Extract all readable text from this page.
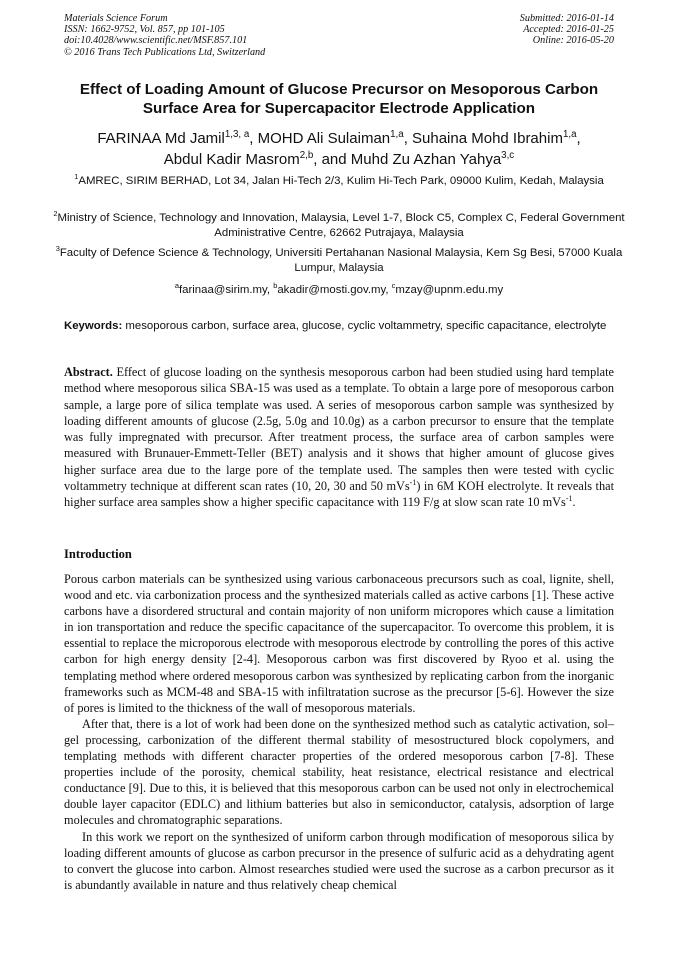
Materials Science Forum
ISSN: 1662-9752, Vol. 857, pp 101-105
doi:10.4028/www.scientific.net/MSF.857.101
© 2016 Trans Tech Publications Ltd, Switzerland
Submitted: 2016-01-14
Accepted: 2016-01-25
Online: 2016-05-20
Effect of Loading Amount of Glucose Precursor on Mesoporous Carbon
Surface Area for Supercapacitor Electrode Application
FARINAA Md Jamil$^{1,3, a}$, MOHD Ali Sulaiman$^{1,a}$, Suhaina Mohd Ibrahim$^{1,a}$,
Abdul Kadir Masrom$^{2,b}$, and Muhd Zu Azhan Yahya$^{3,c}$
$^1$AMREC, SIRIM BERHAD, Lot 34, Jalan Hi-Tech 2/3, Kulim Hi-Tech Park, 09000 Kulim, Kedah, Malaysia
$^2$Ministry of Science, Technology and Innovation, Malaysia, Level 1-7, Block C5, Complex C, Federal Government Administrative Centre, 62662 Putrajaya, Malaysia
$^3$Faculty of Defence Science & Technology, Universiti Pertahanan Nasional Malaysia, Kem Sg Besi, 57000 Kuala Lumpur, Malaysia
$^a$farinaa@sirim.my, $^b$akadir@mosti.gov.my, $^c$mzay@upnm.edu.my
Keywords: mesoporous carbon, surface area, glucose, cyclic voltammetry, specific capacitance, electrolyte
Abstract. Effect of glucose loading on the synthesis mesoporous carbon had been studied using hard template method where mesoporous silica SBA-15 was used as a template. To obtain a large pore of mesoporous carbon sample, a large pore of silica template was used. A series of mesoporous carbon sample was synthesized by loading different amounts of glucose (2.5g, 5.0g and 10.0g) as a carbon precursor to ensure that the template was fully impregnated with precursor. After treatment process, the surface area of carbon samples were measured with Brunauer-Emmett-Teller (BET) analysis and it shows that higher amount of glucose gives higher surface area due to the large pore of the template used. The samples then were tested with cyclic voltammetry technique at different scan rates (10, 20, 30 and 50 mVs$^{-1}$) in 6M KOH electrolyte. It reveals that higher surface area samples show a higher specific capacitance with 119 F/g at slow scan rate 10 mVs$^{-1}$.
Introduction

Porous carbon materials can be synthesized using various carbonaceous precursors such as coal, lignite, shell, wood and etc. via carbonization process and the synthesized materials called as active carbons [1]. These active carbons have a disordered structural and contain majority of non uniform micropores which cause a limitation in ion transportation and reduce the specific capacitance of the supercapacitor. To overcome this problem, it is essential to replace the microporous electrode with mesoporous electrode by controlling the pores of this active carbon for high energy density [2-4]. Mesoporous carbon was first discovered by Ryoo et al. using the templating method where ordered mesoporous carbon was synthesized by replicating carbon from the inorganic frameworks such as MCM-48 and SBA-15 with infiltratation sucrose as the precursor [5-6]. However the size of pores is limited to the thickness of the wall of mesoporous materials.

After that, there is a lot of work had been done on the synthesized method such as catalytic activation, sol–gel processing, carbonization of the different thermal stability of mesostructured block copolymers, and templating methods with different character properties of the ordered mesoporous carbon [7-8]. These properties include of the porosity, chemical stability, heat resistance, electrical resistance and electrical conductance [9]. Due to this, it is believed that this mesoporous carbon can be used not only in electrochemical double layer capacitor (EDLC) and lithium batteries but also in semiconductor, catalysis, adsorption of large molecules and chromatographic separations.

In this work we report on the synthesized of uniform carbon through modification of mesoporous silica by loading different amounts of glucose as carbon precursor in the presence of sulfuric acid as a dehydrating agent to convert the glucose into carbon. Almost researches studied were used the sucrose as a carbon precursor as it is abundantly available in nature and thus relatively cheap chemical
